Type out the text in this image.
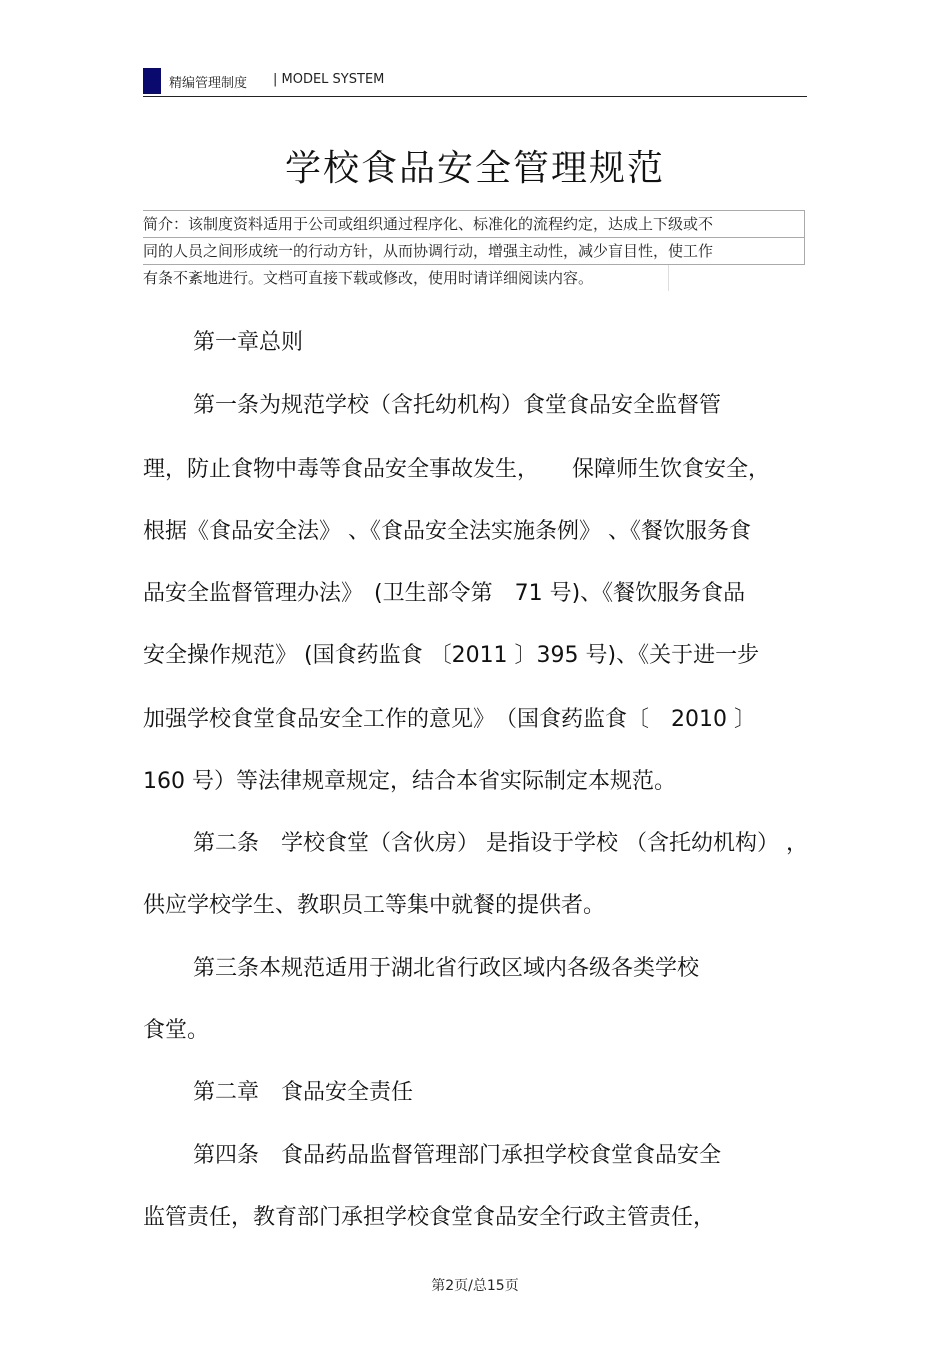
精编管理制度 | MODEL SYSTEM
学校食品安全管理规范
简介：该制度资料适用于公司或组织通过程序化、标准化的流程约定，达成上下级或不
同的人员之间形成统一的行动方针，从而协调行动，增强主动性，减少盲目性，使工作
有条不紊地进行。文档可直接下载或修改，使用时请详细阅读内容。
第一章总则
第一条为规范学校（含托幼机构）食堂食品安全监督管
理，防止食物中毒等食品安全事故发生，　　保障师生饮食安全，
根据《食品安全法》 、《食品安全法实施条例》 、《餐饮服务食
品安全监督管理办法》　(卫生部令第　71 号)、《餐饮服务食品
安全操作规范》 (国食药监食 〔2011 〕395 号)、《关于进一步
加强学校食堂食品安全工作的意见》　（国食药监食〔　2010 〕
160 号）等法律规章规定，结合本省实际制定本规范。
第二条　学校食堂（含伙房） 是指设于学校 （含托幼机构） ，
供应学校学生、教职员工等集中就餐的提供者。
第三条本规范适用于湖北省行政区域内各级各类学校
食堂。
第二章　食品安全责任
第四条　食品药品监督管理部门承担学校食堂食品安全
监管责任，教育部门承担学校食堂食品安全行政主管责任，
第2页/总15页
